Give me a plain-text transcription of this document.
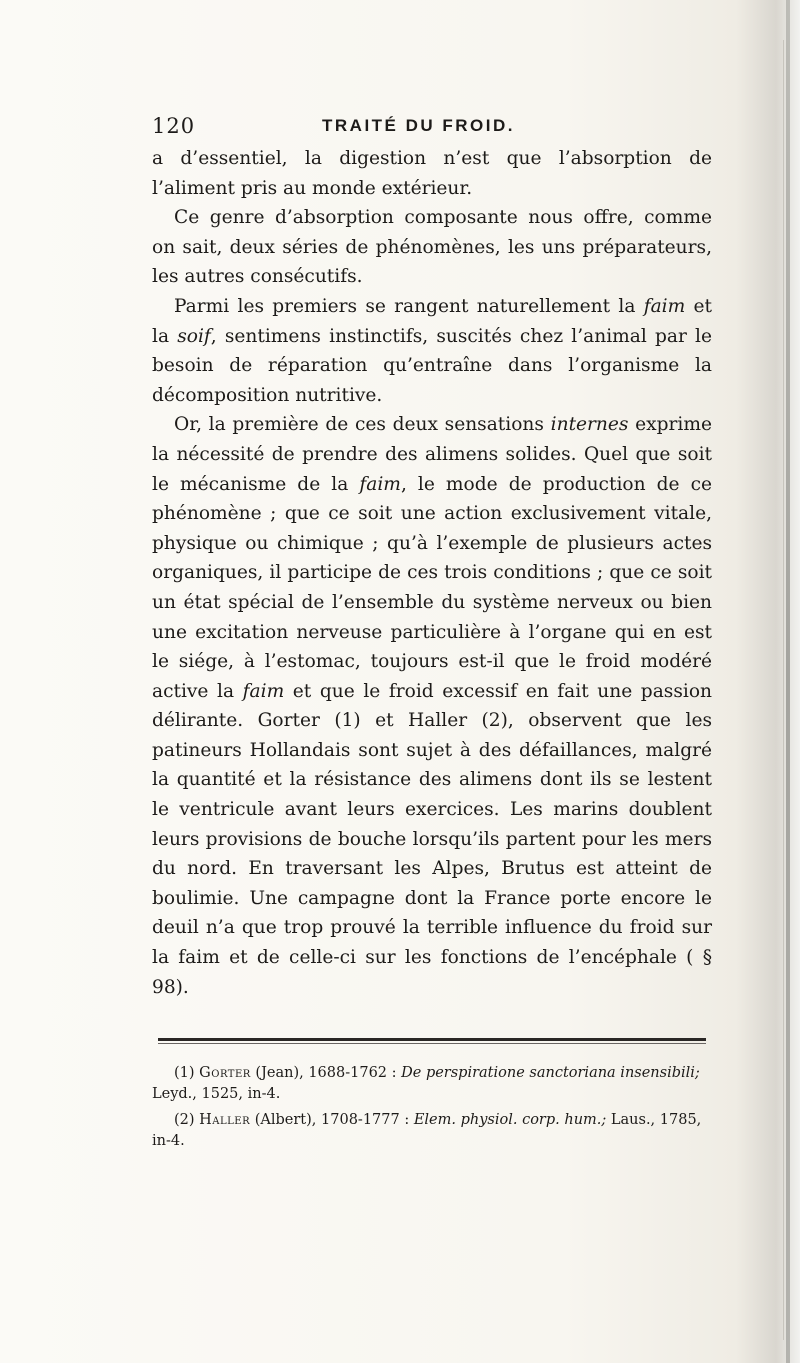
120	TRAITÉ DU FROID.

a d’essentiel, la digestion n’est que l’absorption de l’aliment pris au monde extérieur.

Ce genre d’absorption composante nous offre, comme on sait, deux séries de phénomènes, les uns préparateurs, les autres consécutifs.

Parmi les premiers se rangent naturellement la faim et la soif, sentimens instinctifs, suscités chez l’animal par le besoin de réparation qu’entraîne dans l’organisme la décomposition nutritive.

Or, la première de ces deux sensations internes exprime la nécessité de prendre des alimens solides. Quel que soit le mécanisme de la faim, le mode de production de ce phénomène ; que ce soit une action exclusivement vitale, physique ou chimique ; qu’à l’exemple de plusieurs actes organiques, il participe de ces trois conditions ; que ce soit un état spécial de l’ensemble du système nerveux ou bien une excitation nerveuse particulière à l’organe qui en est le siége, à l’estomac, toujours est-il que le froid modéré active la faim et que le froid excessif en fait une passion délirante. Gorter (1) et Haller (2), observent que les patineurs Hollandais sont sujet à des défaillances, malgré la quantité et la résistance des alimens dont ils se lestent le ventricule avant leurs exercices. Les marins doublent leurs provisions de bouche lorsqu’ils partent pour les mers du nord. En traversant les Alpes, Brutus est atteint de boulimie. Une campagne dont la France porte encore le deuil n’a que trop prouvé la terrible influence du froid sur la faim et de celle-ci sur les fonctions de l’encéphale ( § 98).

(1) Gorter (Jean), 1688-1762 : De perspiratione sanctoriana insensibili; Leyd., 1525, in-4.

(2) Haller (Albert), 1708-1777 : Elem. physiol. corp. hum.; Laus., 1785, in-4.
